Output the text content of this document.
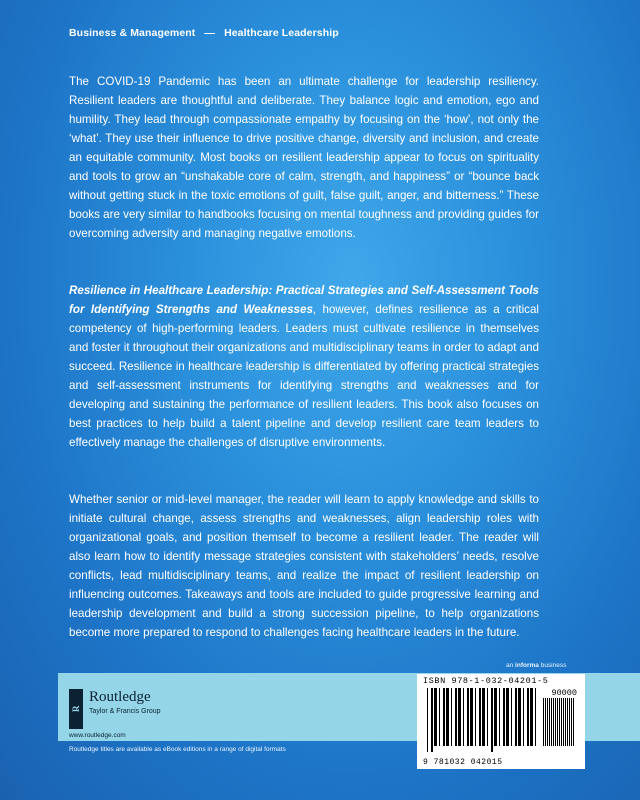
Business & Management — Healthcare Leadership

The COVID-19 Pandemic has been an ultimate challenge for leadership resiliency. Resilient leaders are thoughtful and deliberate. They balance logic and emotion, ego and humility. They lead through compassionate empathy by focusing on the ‘how’, not only the ‘what’. They use their influence to drive positive change, diversity and inclusion, and create an equitable community. Most books on resilient leadership appear to focus on spirituality and tools to grow an “unshakable core of calm, strength, and happiness” or “bounce back without getting stuck in the toxic emotions of guilt, false guilt, anger, and bitterness.” These books are very similar to handbooks focusing on mental toughness and providing guides for overcoming adversity and managing negative emotions.

Resilience in Healthcare Leadership: Practical Strategies and Self-Assessment Tools for Identifying Strengths and Weaknesses, however, defines resilience as a critical competency of high-performing leaders. Leaders must cultivate resilience in themselves and foster it throughout their organizations and multidisciplinary teams in order to adapt and succeed. Resilience in healthcare leadership is differentiated by offering practical strategies and self-assessment instruments for identifying strengths and weaknesses and for developing and sustaining the performance of resilient leaders. This book also focuses on best practices to help build a talent pipeline and develop resilient care team leaders to effectively manage the challenges of disruptive environments.

Whether senior or mid-level manager, the reader will learn to apply knowledge and skills to initiate cultural change, assess strengths and weaknesses, align leadership roles with organizational goals, and position themself to become a resilient leader. The reader will also learn how to identify message strategies consistent with stakeholders’ needs, resolve conflicts, lead multidisciplinary teams, and realize the impact of resilient leadership on influencing outcomes. Takeaways and tools are included to guide progressive learning and leadership development and build a strong succession pipeline, to help organizations become more prepared to respond to challenges facing healthcare leaders in the future.

an informa business
R
Routledge
Taylor & Francis Group
www.routledge.com
ISBN 978-1-032-04201-5
90000
9 781032 042015
Routledge titles are available as eBook editions in a range of digital formats
